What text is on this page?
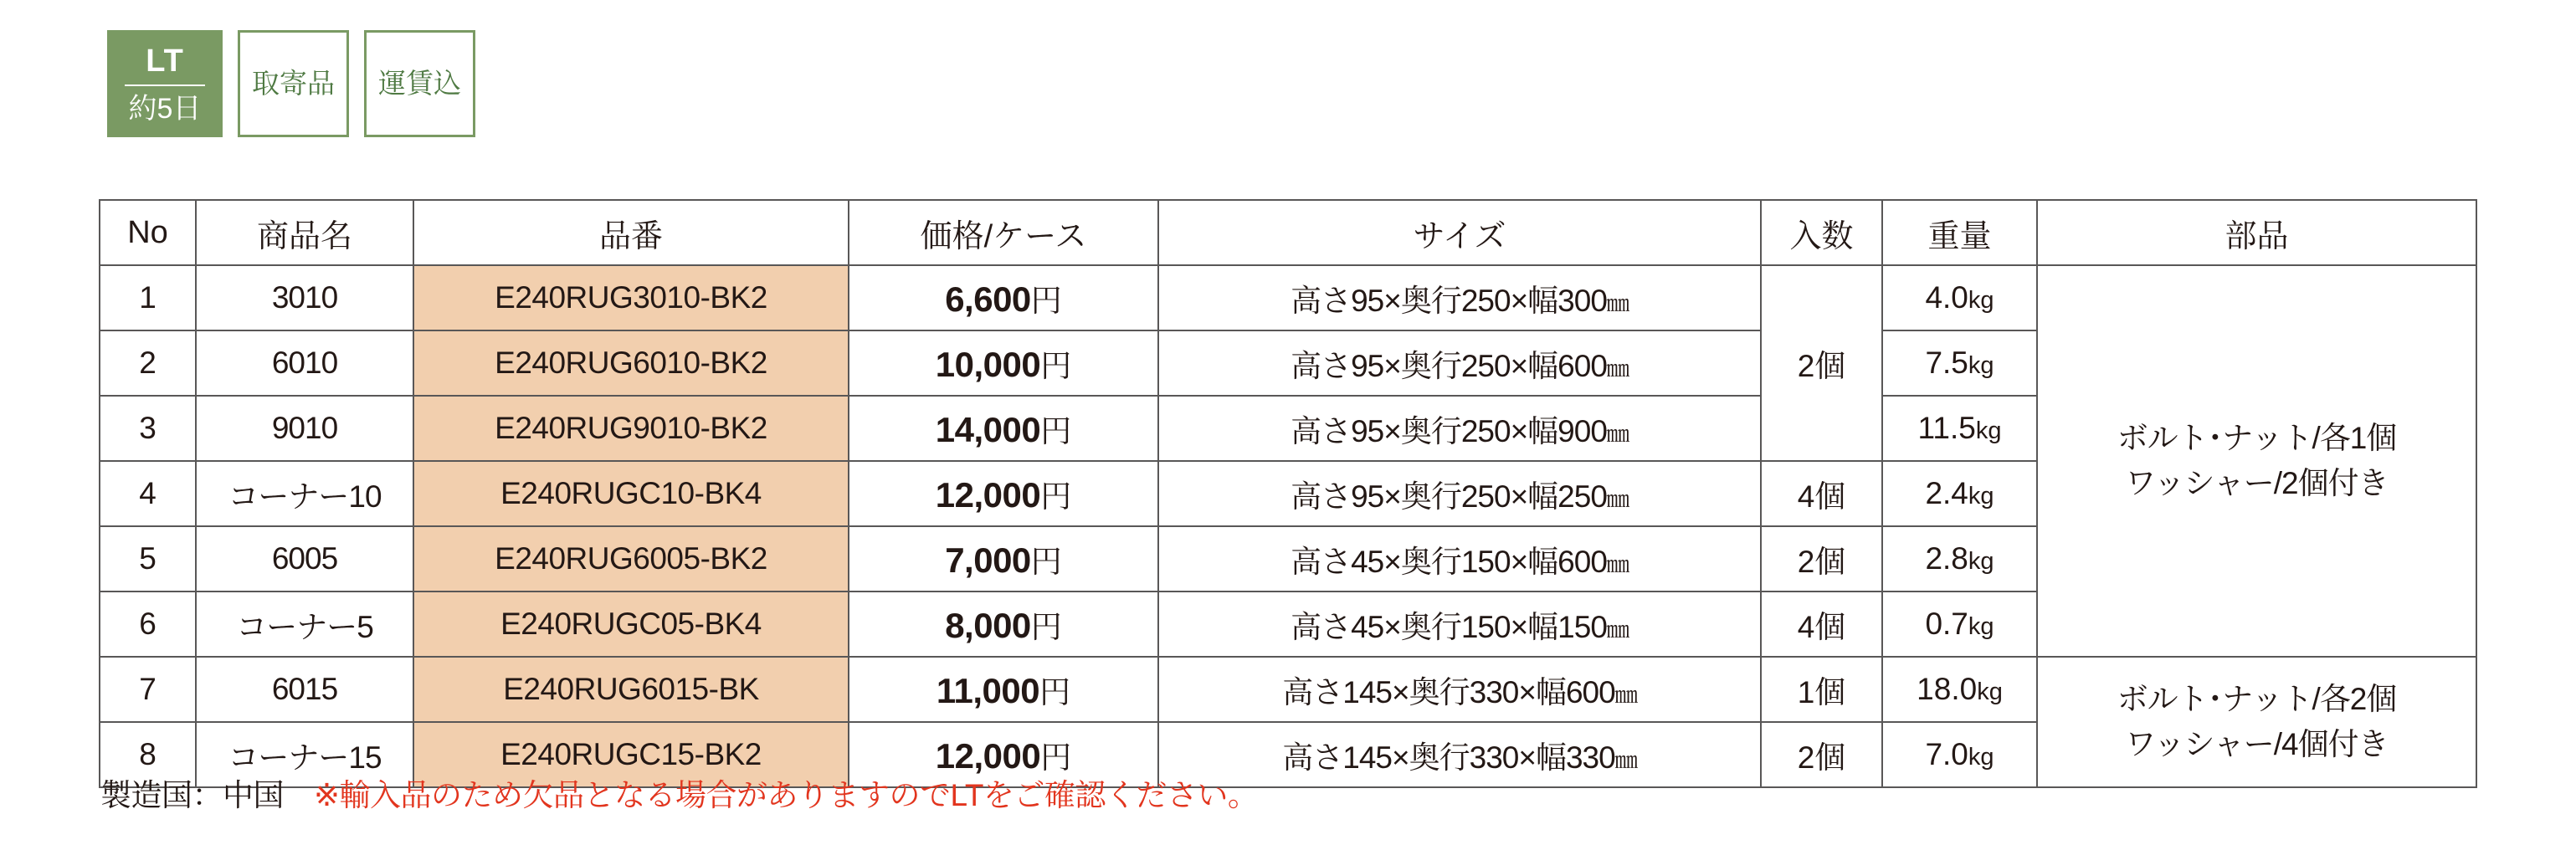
LT
約5日
取寄品	運賃込
No	商品名	品番	価格/ケース	サイズ	入数	重量	部品
1	3010	E240RUG3010-BK2	6,600円	高さ95×奥行250×幅300㎜	2個	4.0kg	ボルト･ナット/各1個
ワッシャー/2個付き

2	6010	E240RUG6010-BK2	10,000円	高さ95×奥行250×幅600㎜		7.5kg	
3	9010	E240RUG9010-BK2	14,000円	高さ95×奥行250×幅900㎜		11.5kg	
4	コーナー10	E240RUGC10-BK4	12,000円	高さ95×奥行250×幅250㎜	4個	2.4kg	
5	6005	E240RUG6005-BK2	7,000円	高さ45×奥行150×幅600㎜	2個	2.8kg	
6	コーナー5	E240RUGC05-BK4	8,000円	高さ45×奥行150×幅150㎜	4個	0.7kg	
7	6015	E240RUG6015-BK	11,000円	高さ145×奥行330×幅600㎜	1個	18.0kg	ボルト･ナット/各2個
ワッシャー/4個付き

8	コーナー15	E240RUGC15-BK2	12,000円	高さ145×奥行330×幅330㎜	2個	7.0kg	
製造国：中国 ※輸入品のため欠品となる場合がありますのでLTをご確認ください。
